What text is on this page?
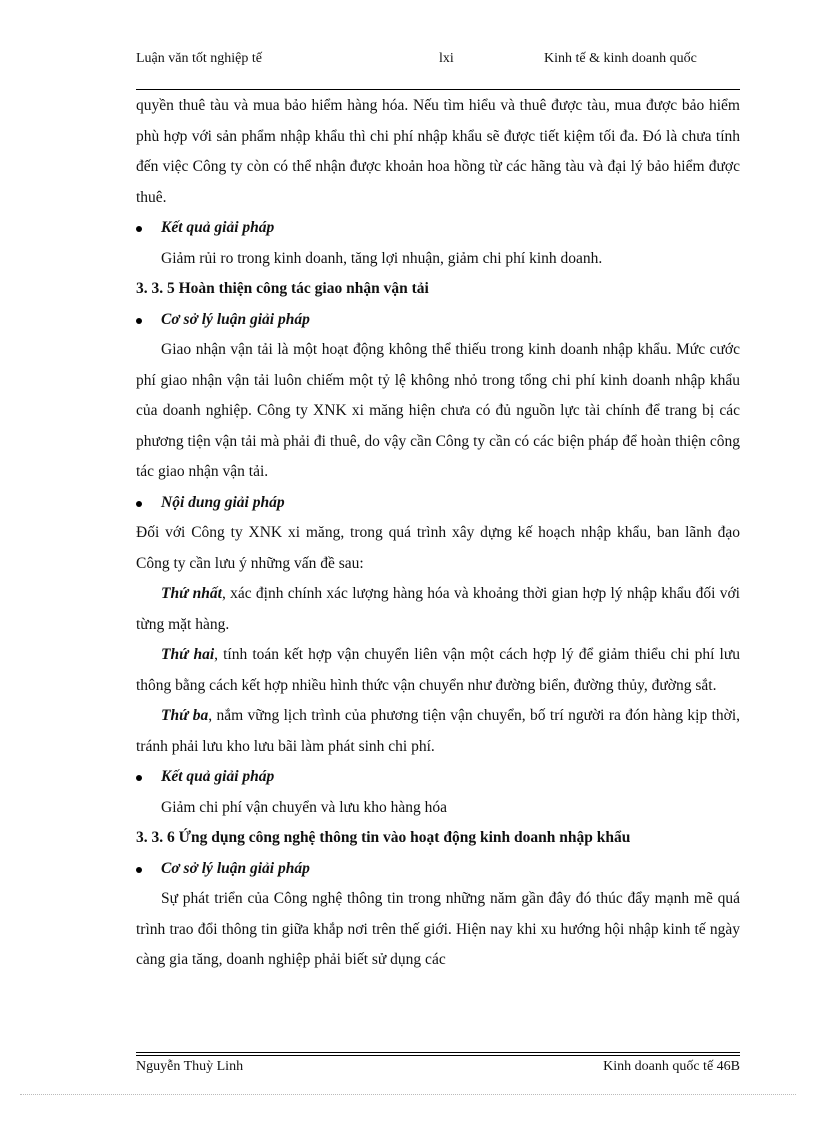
Luận văn tốt nghiệp tế	lxi	Kinh tế & kinh doanh quốc

quyền thuê tàu và mua bảo hiểm hàng hóa. Nếu tìm hiểu và thuê được tàu, mua được bảo hiểm phù hợp với sản phẩm nhập khẩu thì chi phí nhập khẩu sẽ được tiết kiệm tối đa. Đó là chưa tính đến việc Công ty còn có thể nhận được khoản hoa hồng từ các hãng tàu và đại lý bảo hiểm được thuê.

Kết quả giải pháp

Giảm rủi ro trong kinh doanh, tăng lợi nhuận, giảm chi phí kinh doanh.

3. 3. 5 Hoàn thiện công tác giao nhận vận tải

Cơ sở lý luận giải pháp

Giao nhận vận tải là một hoạt động không thể thiếu trong kinh doanh nhập khẩu. Mức cước phí giao nhận vận tải luôn chiếm một tỷ lệ không nhỏ trong tổng chi phí kinh doanh nhập khẩu của doanh nghiệp. Công ty XNK xi măng hiện chưa có đủ nguồn lực tài chính để trang bị các phương tiện vận tải mà phải đi thuê, do vậy cần Công ty cần có các biện pháp để hoàn thiện công tác giao nhận vận tải.

Nội dung giải pháp

Đối với Công ty XNK xi măng, trong quá trình xây dựng kế hoạch nhập khẩu, ban lãnh đạo Công ty cần lưu ý những vấn đề sau:

Thứ nhất, xác định chính xác lượng hàng hóa và khoảng thời gian hợp lý nhập khẩu đối với từng mặt hàng.

Thứ hai, tính toán kết hợp vận chuyển liên vận một cách hợp lý để giảm thiểu chi phí lưu thông bằng cách kết hợp nhiều hình thức vận chuyển như đường biển, đường thủy, đường sắt.

Thứ ba, nắm vững lịch trình của phương tiện vận chuyển, bố trí người ra đón hàng kịp thời, tránh phải lưu kho lưu bãi làm phát sinh chi phí.

Kết quả giải pháp

Giảm chi phí vận chuyển và lưu kho hàng hóa

3. 3. 6 Ứng dụng công nghệ thông tin vào hoạt động kinh doanh nhập khẩu

Cơ sở lý luận giải pháp

Sự phát triển của Công nghệ thông tin trong những năm gần đây đó thúc đẩy mạnh mẽ quá trình trao đổi thông tin giữa khắp nơi trên thế giới. Hiện nay khi xu hướng hội nhập kinh tế ngày càng gia tăng, doanh nghiệp phải biết sử dụng các

Nguyễn Thuỳ Linh	Kinh doanh quốc tế 46B
